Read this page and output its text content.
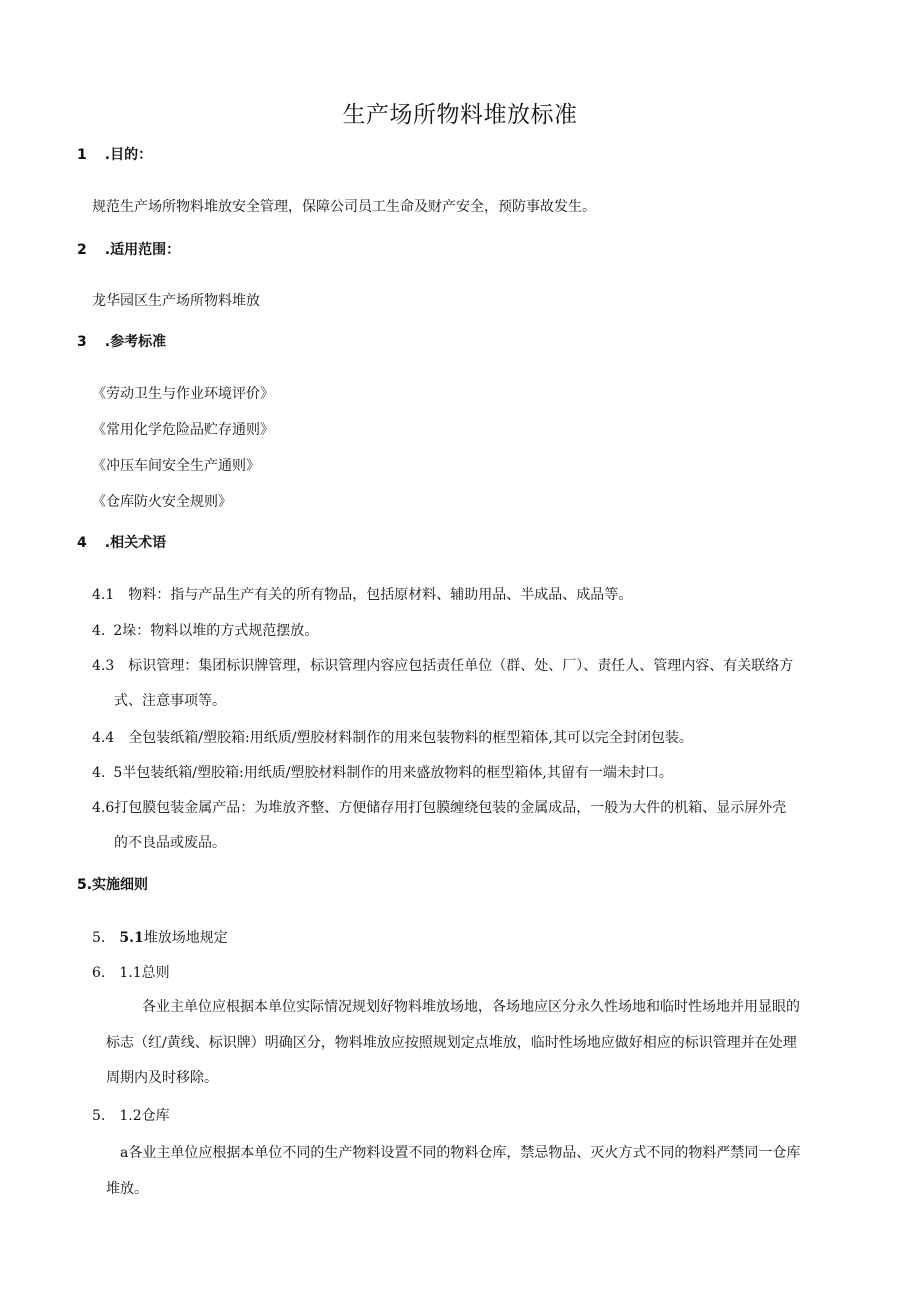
生产场所物料堆放标准
1 .目的：
规范生产场所物料堆放安全管理，保障公司员工生命及财产安全，预防事故发生。
2 .适用范围：
龙华园区生产场所物料堆放
3 .参考标准
《劳动卫生与作业环境评价》
《常用化学危险品贮存通则》
《冲压车间安全生产通则》
《仓库防火安全规则》
4 .相关术语
4.1 物料：指与产品生产有关的所有物品，包括原材料、辅助用品、半成品、成品等。
4. 2垛：物料以堆的方式规范摆放。
4.3 标识管理：集团标识牌管理，标识管理内容应包括责任单位（群、处、厂）、责任人、管理内容、有关联络方
式、注意事项等。
4.4 全包装纸箱/塑胶箱:用纸质/塑胶材料制作的用来包装物料的框型箱体,其可以完全封闭包装。
4. 5半包装纸箱/塑胶箱:用纸质/塑胶材料制作的用来盛放物料的框型箱体,其留有一端未封口。
4.6打包膜包装金属产品：为堆放齐整、方便储存用打包膜缠绕包装的金属成品，一般为大件的机箱、显示屏外壳
的不良品或废品。
5.实施细则
5. 5.1堆放场地规定
6. 1.1总则
各业主单位应根据本单位实际情况规划好物料堆放场地，各场地应区分永久性场地和临时性场地并用显眼的
标志（红/黄线、标识牌）明确区分，物料堆放应按照规划定点堆放，临时性场地应做好相应的标识管理并在处理
周期内及时移除。
5. 1.2仓库
a各业主单位应根据本单位不同的生产物料设置不同的物料仓库，禁忌物品、灭火方式不同的物料严禁同一仓库
堆放。
